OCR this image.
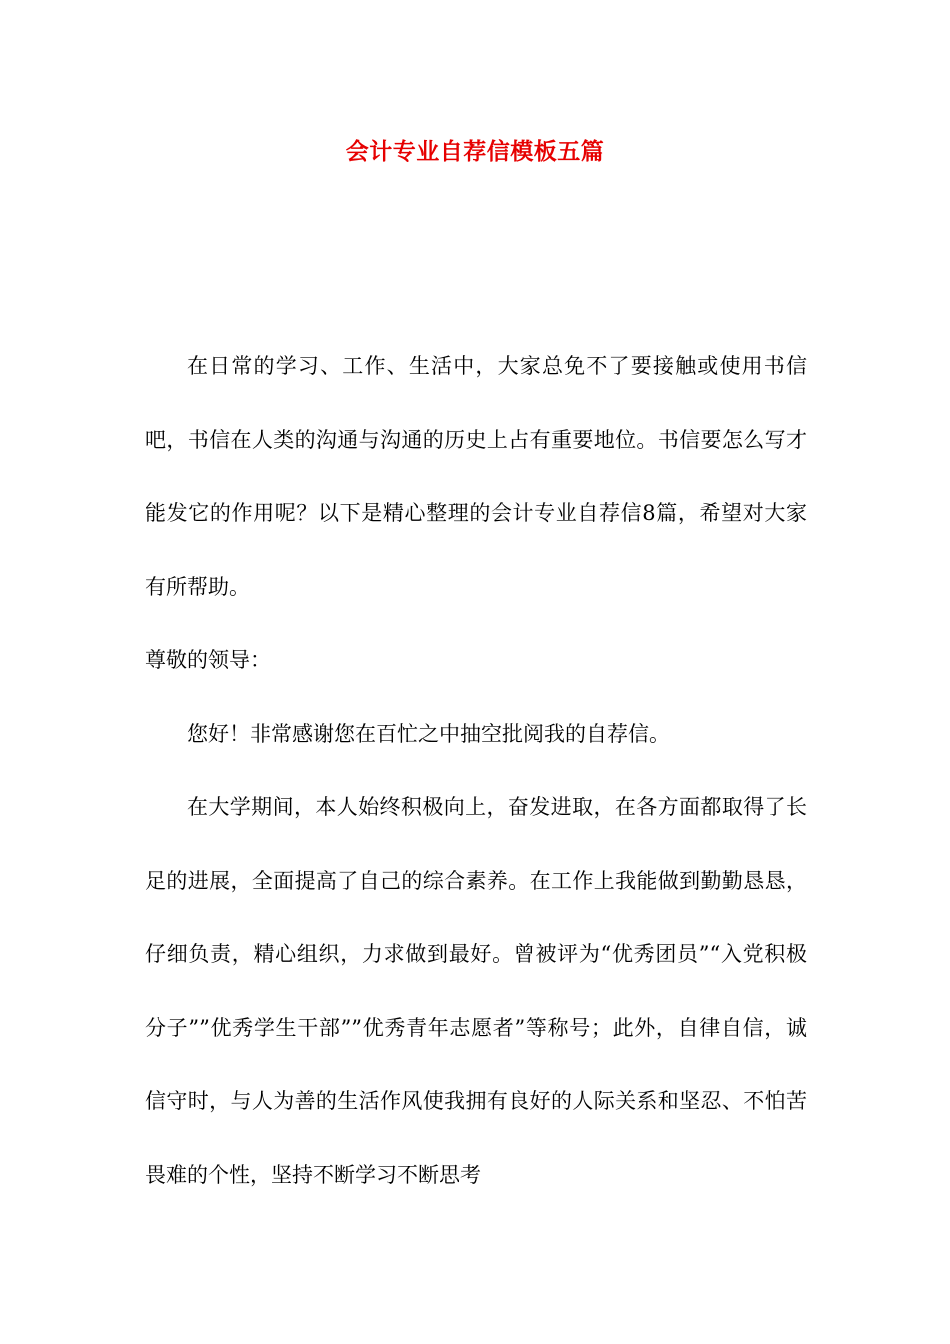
会计专业自荐信模板五篇

在日常的学习、工作、生活中，大家总免不了要接触或使用书信吧，书信在人类的沟通与沟通的历史上占有重要地位。书信要怎么写才能发它的作用呢？以下是精心整理的会计专业自荐信8篇，希望对大家有所帮助。

尊敬的领导：

您好！非常感谢您在百忙之中抽空批阅我的自荐信。

在大学期间，本人始终积极向上，奋发进取，在各方面都取得了长足的进展，全面提高了自己的综合素养。在工作上我能做到勤勤恳恳，仔细负责，精心组织，力求做到最好。曾被评为“优秀团员”“入党积极分子””优秀学生干部””优秀青年志愿者”等称号；此外，自律自信，诚信守时，与人为善的生活作风使我拥有良好的人际关系和坚忍、不怕苦畏难的个性，坚持不断学习不断思考
